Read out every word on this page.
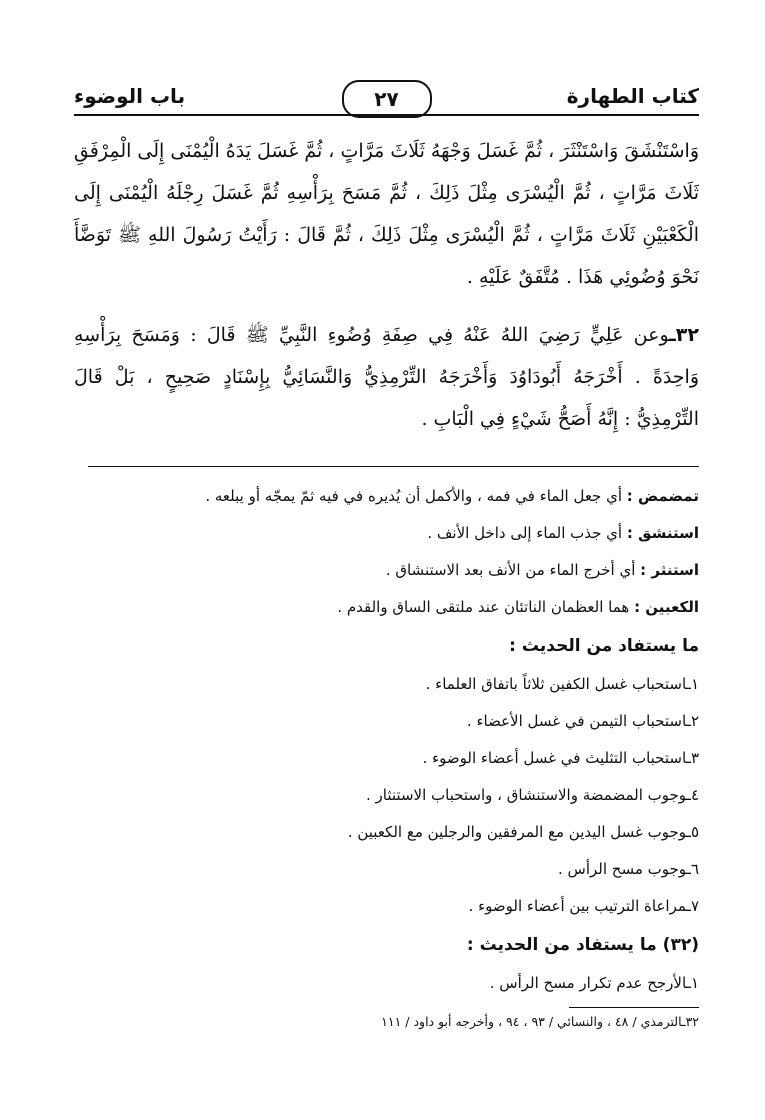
كتاب الطهارة
٢٧
باب الوضوء
وَاسْتَنْشَقَ وَاسْتَنْثَرَ ، ثُمَّ غَسَلَ وَجْهَهُ ثَلَاثَ مَرَّاتٍ ، ثُمَّ غَسَلَ يَدَهُ الْيُمْنَى إِلَى الْمِرْفَقِ
ثَلَاثَ مَرَّاتٍ ، ثُمَّ الْيُسْرَى مِثْلَ ذَلِكَ ، ثُمَّ مَسَحَ بِرَأْسِهِ ثُمَّ غَسَلَ رِجْلَهُ الْيُمْنَى إِلَى
الْكَعْبَيْنِ ثَلَاثَ مَرَّاتٍ ، ثُمَّ الْيُسْرَى مِثْلَ ذَلِكَ ، ثُمَّ قَالَ : رَأَيْتُ رَسُولَ اللهِ ﷺ تَوَضَّأَ
نَحْوَ وُضُوئِي هَذَا . مُتَّفَقٌ عَلَيْهِ .
٣٢ـوعن عَلِيٍّ رَضِيَ اللهُ عَنْهُ فِي صِفَةِ وُضُوءِ النَّبِيِّ ﷺ قَالَ : وَمَسَحَ بِرَأْسِهِ
وَاحِدَةً . أَخْرَجَهُ أَبُودَاوُدَ وَأَخْرَجَهُ التِّرْمِذِيُّ وَالنَّسَائِيُّ بِإِسْنَادٍ صَحِيحٍ ، بَلْ قَالَ
التِّرْمِذِيُّ : إِنَّهُ أَصَحُّ شَيْءٍ فِي الْبَابِ .
تمضمض : أي جعل الماء في فمه ، والأكمل أن يُديره في فيه ثمّ يمجّه أو يبلعه .
استنشق : أي جذب الماء إلى داخل الأنف .
استنثر : أي أخرج الماء من الأنف بعد الاستنشاق .
الكعبين : هما العظمان الناتئان عند ملتقى الساق والقدم .
ما يستفاد من الحديث :
١ـاستحباب غسل الكفين ثلاثاً باتفاق العلماء .
٢ـاستحباب التيمن في غسل الأعضاء .
٣ـاستحباب التثليث في غسل أعضاء الوضوء .
٤ـوجوب المضمضة والاستنشاق ، واستحباب الاستنثار .
٥ـوجوب غسل اليدين مع المرفقين والرجلين مع الكعبين .
٦ـوجوب مسح الرأس .
٧ـمراعاة الترتيب بين أعضاء الوضوء .
(٣٢) ما يستفاد من الحديث :
١ـالأرجح عدم تكرار مسح الرأس .
٣٢ـالترمذي / ٤٨ ، والنسائي / ٩٣ ، ٩٤ ، وأخرجه أبو داود / ١١١
